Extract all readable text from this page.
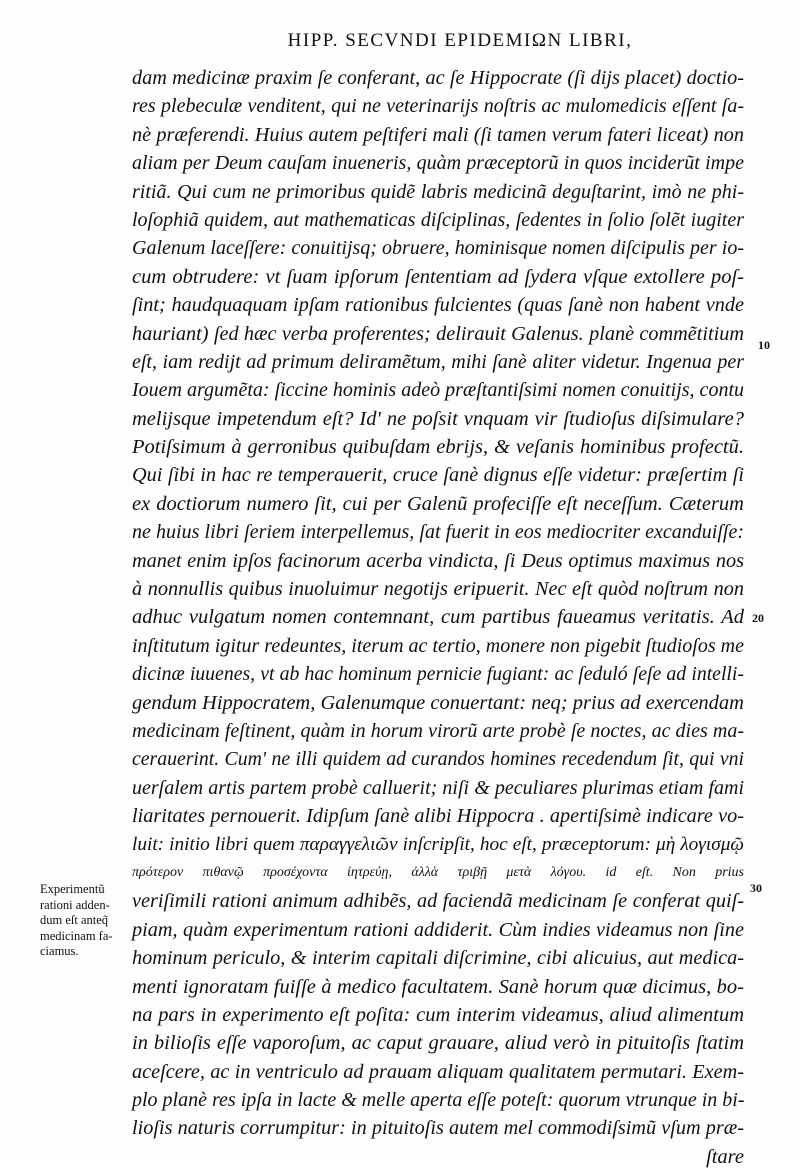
HIPP. SECVNDI EPIDEMIΩN LIBRI,
dam medicinæ praxim ſe conferant, ac ſe Hippocrate (ſi dijs placet) doctio-
res plebeculæ venditent, qui ne veterinarijs noſtris ac mulomedicis eſſent ſa-
nè præferendi. Huius autem peſtiferi mali (ſi tamen verum fateri liceat) non
aliam per Deum cauſam inueneris, quàm præceptorũ in quos inciderũt impe
ritiã. Qui cum ne primoribus quidẽ labris medicinã deguſtarint, imò ne phi-
loſophiã quidem, aut mathematicas diſciplinas, ſedentes in ſolio ſolẽt iugiter
Galenum laceſſere: conuitijsq; obruere, hominisque nomen diſcipulis per io-
cum obtrudere: vt ſuam ipſorum ſententiam ad ſydera vſque extollere poſ-
ſint; haudquaquam ipſam rationibus fulcientes (quas ſanè non habent vnde
hauriant) ſed hæc verba proferentes; delirauit Galenus. planè commẽtitium
eſt, iam redijt ad primum deliramẽtum, mihi ſanè aliter videtur. Ingenua per
Iouem argumẽta: ſiccine hominis adeò præſtantiſsimi nomen conuitijs, contu
melijsque impetendum eſt? Id' ne poſsit vnquam vir ſtudioſus diſsimulare?
Potiſsimum à gerronibus quibuſdam ebrijs, & veſanis hominibus profectũ.
Qui ſibi in hac re temperauerit, cruce ſanè dignus eſſe videtur: præſertim ſi
ex doctiorum numero ſit, cui per Galenũ profeciſſe eſt neceſſum. Cæterum
ne huius libri ſeriem interpellemus, ſat fuerit in eos mediocriter excanduiſſe:
manet enim ipſos facinorum acerba vindicta, ſi Deus optimus maximus nos
à nonnullis quibus inuoluimur negotijs eripuerit. Nec eſt quòd noſtrum non
adhuc vulgatum nomen contemnant, cum partibus faueamus veritatis. Ad
inſtitutum igitur redeuntes, iterum ac tertio, monere non pigebit ſtudioſos me
dicinæ iuuenes, vt ab hac hominum pernicie fugiant: ac ſeduló ſeſe ad intelli-
gendum Hippocratem, Galenumque conuertant: neq; prius ad exercendam
medicinam feſtinent, quàm in horum virorũ arte probè ſe noctes, ac dies ma-
cerauerint. Cum' ne illi quidem ad curandos homines recedendum ſit, qui vni
uerſalem artis partem probè calluerit; niſi & peculiares plurimas etiam fami
liaritates pernouerit. Idipſum ſanè alibi Hippocra . apertiſsimè indicare vo-
luit: initio libri quem παραγγελιῶν inſcripſit, hoc eſt, præceptorum: μὴ λογισμῷ
πρότερον πιθανῷ προσέχοντα ἰητρεύῃ, ἀλλὰ τριβῇ μετὰ λόγου. id eſt. Non prius
veriſimili rationi animum adhibẽs, ad faciendã medicinam ſe conferat quiſ-
piam, quàm experimentum rationi addiderit. Cùm indies videamus non ſine
hominum periculo, & interim capitali diſcrimine, cibi alicuius, aut medica-
menti ignoratam fuiſſe à medico facultatem. Sanè horum quæ dicimus, bo-
na pars in experimento eſt poſita: cum interim videamus, aliud alimentum
in bilioſis eſſe vaporoſum, ac caput grauare, aliud verò in pituitoſis ſtatim
aceſcere, ac in ventriculo ad prauam aliquam qualitatem permutari. Exem-
plo planè res ipſa in lacte & melle aperta eſſe poteſt: quorum vtrunque in bi-
lioſis naturis corrumpitur: in pituitoſis autem mel commodiſsimũ vſum præ-
ſtare
10
20
30
Experimentũ
rationi adden-
dum eſt anteq̃
medicinam fa-
ciamus.
